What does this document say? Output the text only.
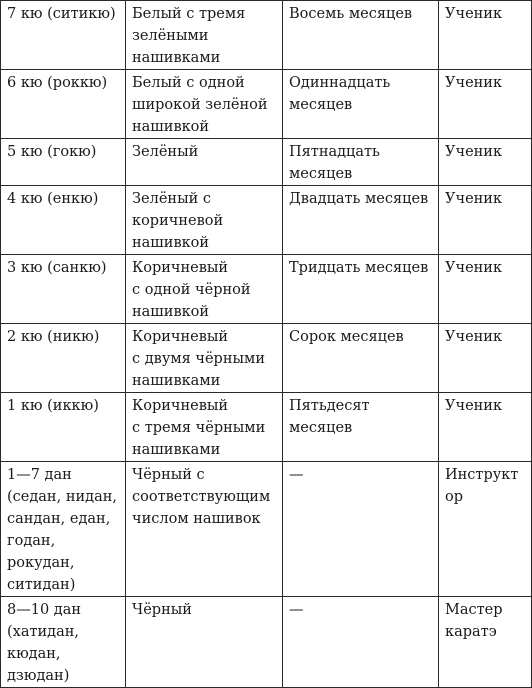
7 кю (ситикю)	Белый с тремя
зелёными нашивками	Восемь месяцев	Ученик
6 кю (роккю)	Белый с одной
широкой зелёной
нашивкой	Одиннадцать
месяцев	Ученик
5 кю (гокю)	Зелёный	Пятнадцать
месяцев	Ученик
4 кю (енкю)	Зелёный с
коричневой
нашивкой	Двадцать месяцев	Ученик
3 кю (санкю)	Коричневый
с одной чёрной
нашивкой	Тридцать месяцев	Ученик
2 кю (никю)	Коричневый
с двумя чёрными
нашивками	Сорок месяцев	Ученик
1 кю (иккю)	Коричневый
с тремя чёрными
нашивками	Пятьдесят месяцев	Ученик
1—7 дан
(седан, нидан,
сандан, едан,
годан, рокудан,
ситидан)	Чёрный с
соответствующим
числом нашивок	—	Инструктор
8—10 дан
(хатидан, кюдан,
дзюдан)	Чёрный	—	Мастер
каратэ
